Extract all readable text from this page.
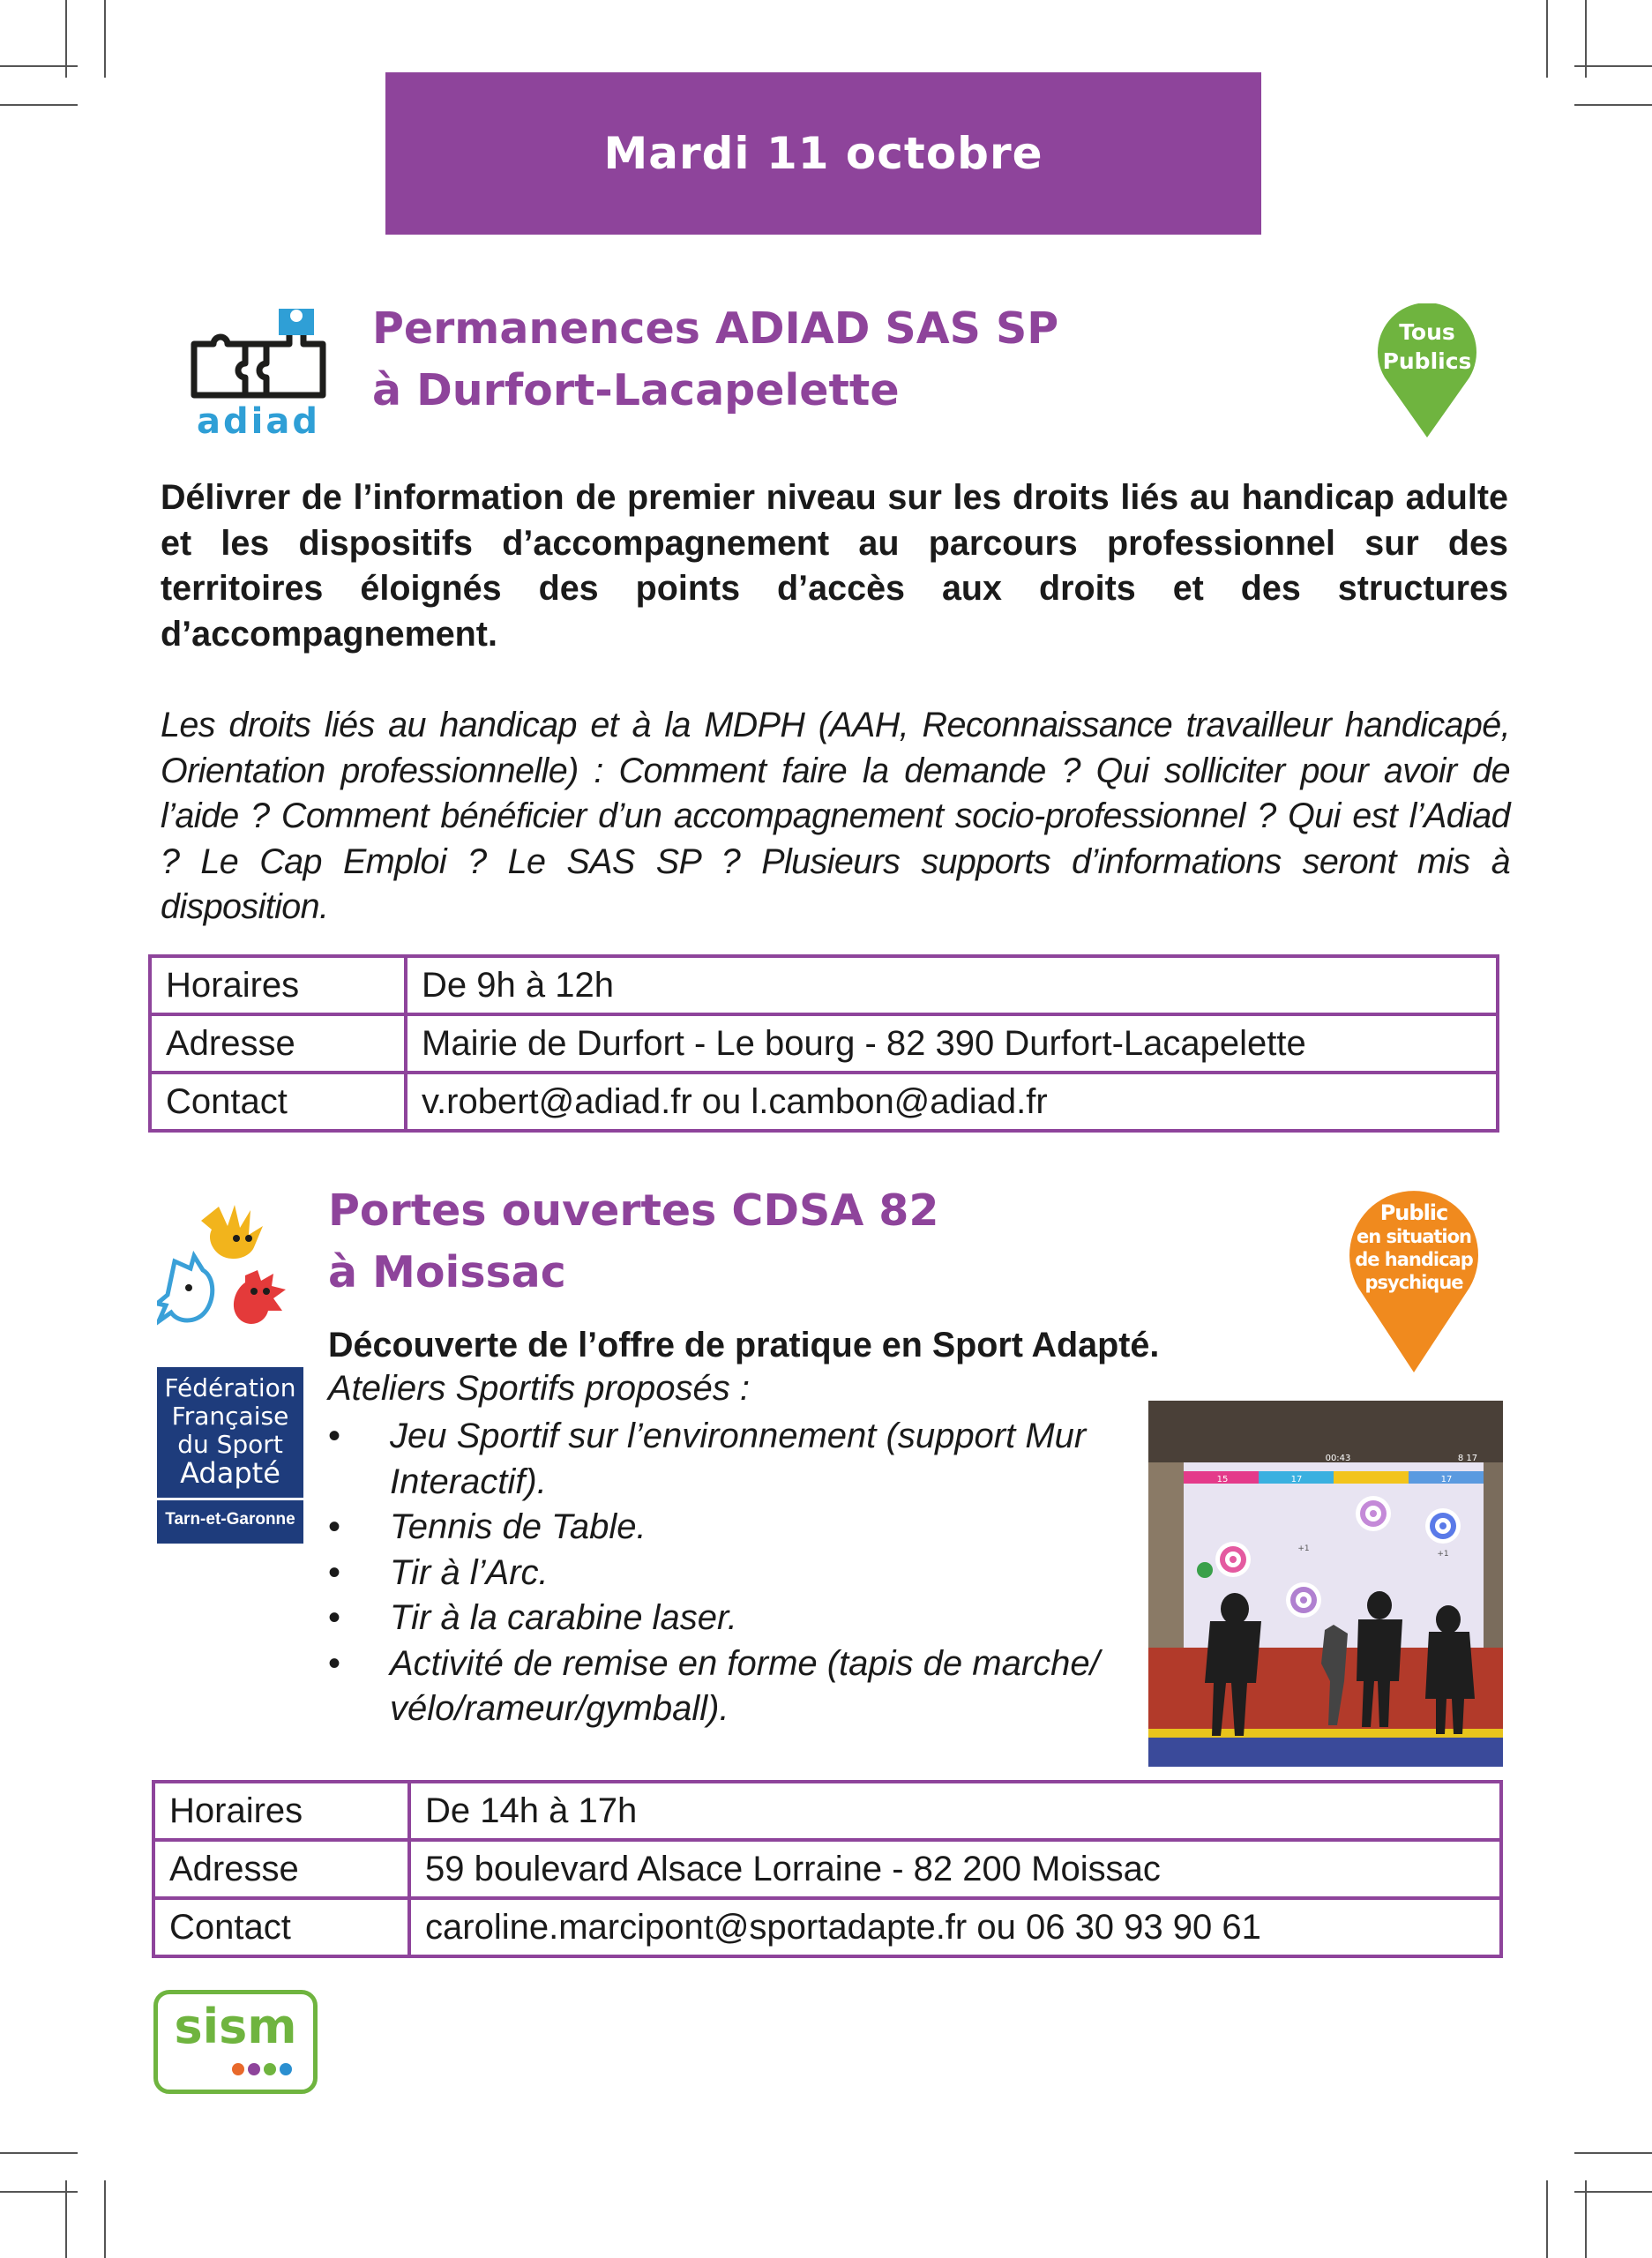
Mardi 11 octobre
adiad
Permanences ADIAD SAS SP
à Durfort-Lacapelette
Tous
Publics

Délivrer de l’information de premier niveau sur les droits liés au handicap adulte et les dispositifs d’accompagnement au parcours professionnel sur des territoires éloignés des points d’accès aux droits et des structures d’accompagnement.

Les droits liés au handicap et à la MDPH (AAH, Reconnaissance travailleur handicapé, Orientation professionnelle) : Comment faire la demande ? Qui solliciter pour avoir de l’aide ? Comment bénéficier d’un accompagnement socio-professionnel ? Qui est l’Adiad ? Le Cap Emploi ? Le SAS SP ? Plusieurs supports d’informations seront mis à disposition.

Horaires	De 9h à 12h
Adresse	Mairie de Durfort - Le bourg - 82 390 Durfort-Lacapelette
Contact	v.robert@adiad.fr ou l.cambon@adiad.fr
Fédération
Française
du Sport
Adapté
Tarn-et-Garonne
Portes ouvertes CDSA 82
à Moissac
Public
en situation
de handicap
psychique

Découverte de l’offre de pratique en Sport Adapté.

Ateliers Sportifs proposés :

• Jeu Sportif sur l’environnement (support Mur
Interactif).
• Tennis de Table.
• Tir à l’Arc.
• Tir à la carabine laser.
• Activité de remise en forme (tapis de marche/
vélo/rameur/gymball).
15	17	17
00:43	8 17
+1
+1
Horaires	De 14h à 17h
Adresse	59 boulevard Alsace Lorraine - 82 200 Moissac
Contact	caroline.marcipont@sportadapte.fr ou 06 30 93 90 61
sism
